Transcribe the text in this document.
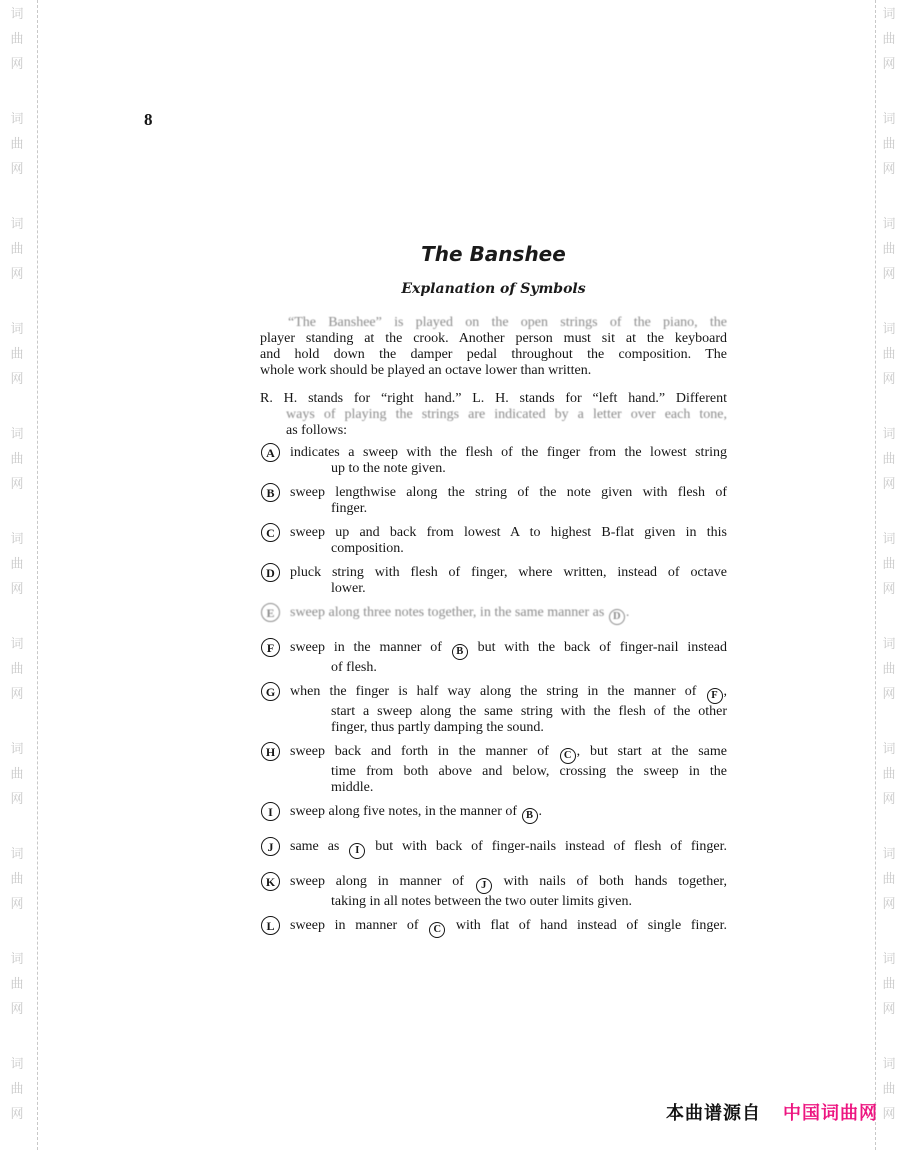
词
曲
网
词
曲
网
词
曲
网
词
曲
网
词
曲
网
词
曲
网
词
曲
网
词
曲
网
词
曲
网
词
曲
网
词
曲
网
词
曲
网
词
曲
网
词
曲
网
词
曲
网
词
曲
网
词
曲
网
词
曲
网
词
曲
网
词
曲
网
词
曲
网
词
曲
网
8
The Banshee
Explanation of Symbols
“The Banshee” is played on the open strings of the piano, the
player standing at the crook. Another person must sit at the keyboard
and hold down the damper pedal throughout the composition. The
whole work should be played an octave lower than written.
R. H. stands for “right hand.” L. H. stands for “left hand.” Different
ways of playing the strings are indicated by a letter over each tone,
as follows:
A	indicates a sweep with the flesh of the finger from the lowest string
up to the note given.
B	sweep lengthwise along the string of the note given with flesh of
finger.
C	sweep up and back from lowest A to highest B-flat given in this
composition.
D	pluck string with flesh of finger, where written, instead of octave
lower.
E	sweep along three notes together, in the same manner as D .
F	sweep in the manner of B but with the back of finger-nail instead
of flesh.
G	when the finger is half way along the string in the manner of F ,
start a sweep along the same string with the flesh of the other
finger, thus partly damping the sound.
H	sweep back and forth in the manner of C , but start at the same
time from both above and below, crossing the sweep in the
middle.
I	sweep along five notes, in the manner of B .
J	same as I but with back of finger-nails instead of flesh of finger.
K	sweep along in manner of J with nails of both hands together,
taking in all notes between the two outer limits given.
L	sweep in manner of C with flat of hand instead of single finger.
本曲谱源自 中国词曲网
